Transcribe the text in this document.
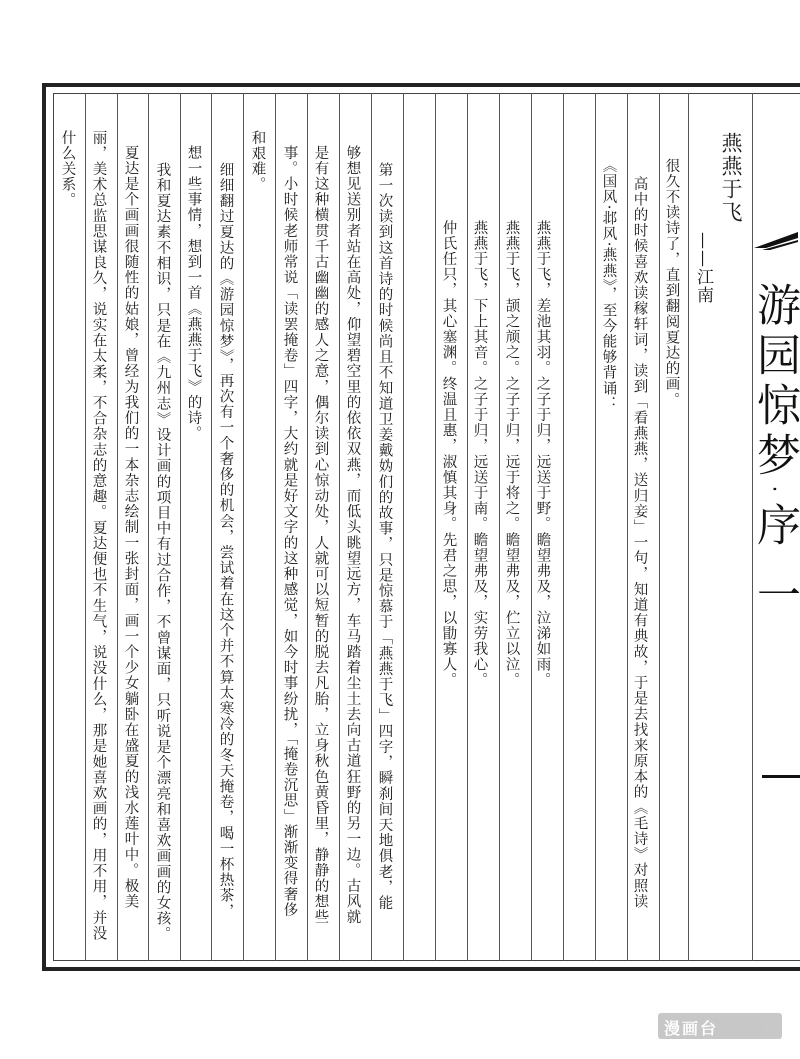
燕燕于飞
——江南
很久不读诗了，直到翻阅夏达的画。
高中的时候喜欢读稼轩词，读到「看燕燕，送归妾」一句，知道有典故，于是去找来原本的《毛诗》对照读
《国风·邶风·燕燕》，至今能够背诵：
燕燕于飞，差池其羽。之子于归，远送于野。瞻望弗及，泣涕如雨。
燕燕于飞，颉之颃之。之子于归，远于将之。瞻望弗及，伫立以泣。
燕燕于飞，下上其音。之子于归，远送于南。瞻望弗及，实劳我心。
仲氏任只，其心塞渊。终温且惠，淑慎其身。先君之思，以勖寡人。
第一次读到这首诗的时候尚且不知道卫姜戴妫们的故事，只是惊慕于「燕燕于飞」四字，瞬刹间天地俱老，能
够想见送别者站在高处，仰望碧空里的依依双燕，而低头眺望远方，车马踏着尘土去向古道狂野的另一边。古风就
是有这种横贯千古幽幽的感人之意，偶尔读到心惊动处，人就可以短暂的脱去凡胎，立身秋色黄昏里，静静的想些
事。小时候老师常说「读罢掩卷」四字，大约就是好文字的这种感觉，如今时事纷扰，「掩卷沉思」渐渐变得奢侈
和艰难。
细细翻过夏达的《游园惊梦》，再次有一个奢侈的机会，尝试着在这个并不算太寒冷的冬天掩卷，喝一杯热茶，
想一些事情，想到一首《燕燕于飞》的诗。
我和夏达素不相识，只是在《九州志》设计画的项目中有过合作，不曾谋面，只听说是个漂亮和喜欢画画的女孩。
夏达是个画画很随性的姑娘，曾经为我们的一本杂志绘制一张封面，画一个少女躺卧在盛夏的浅水莲叶中。极美
丽，美术总监思谋良久，说实在太柔，不合杂志的意趣。夏达便也不生气，说没什么，那是她喜欢画的，用不用，并没
什么关系。
游园惊梦·序 一
漫画台
